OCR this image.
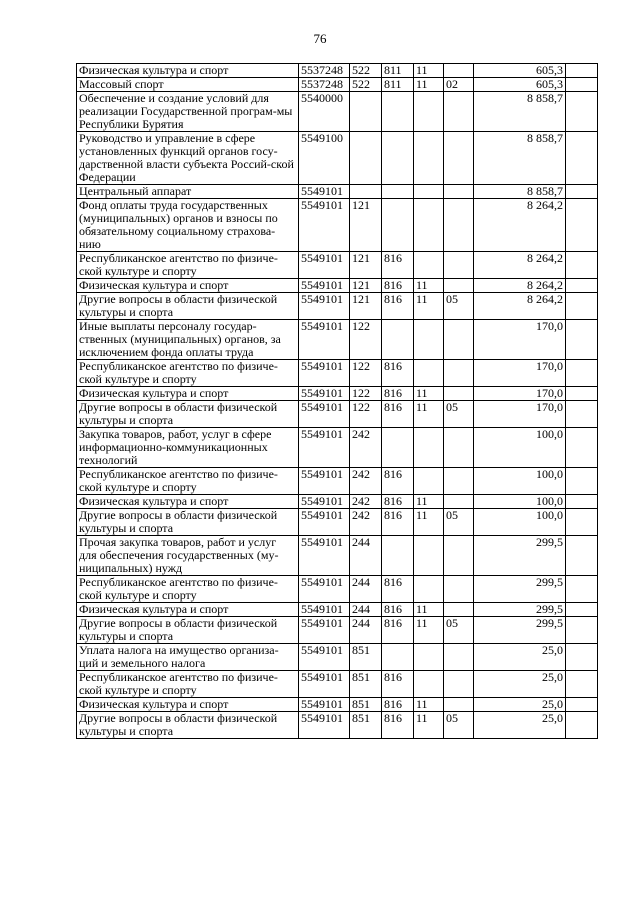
76
Физическая культура и спорт	5537248	522	811	11		605,3	
Массовый спорт	5537248	522	811	11	02	605,3	
Обеспечение и создание условий для реализации Государственной програм-мы Республики Бурятия	5540000					8 858,7	
Руководство и управление в сфере установленных функций органов госу-дарственной власти субъекта Россий-ской Федерации	5549100					8 858,7	
Центральный аппарат	5549101					8 858,7	
Фонд оплаты труда государственных (муниципальных) органов и взносы по обязательному социальному страхова-нию	5549101	121				8 264,2	
Республиканское агентство по физиче-ской культуре и спорту	5549101	121	816			8 264,2	
Физическая культура и спорт	5549101	121	816	11		8 264,2	
Другие вопросы в области физической культуры и спорта	5549101	121	816	11	05	8 264,2	
Иные выплаты персоналу государ-ственных (муниципальных) органов, за исключением фонда оплаты труда	5549101	122				170,0	
Республиканское агентство по физиче-ской культуре и спорту	5549101	122	816			170,0	
Физическая культура и спорт	5549101	122	816	11		170,0	
Другие вопросы в области физической культуры и спорта	5549101	122	816	11	05	170,0	
Закупка товаров, работ, услуг в сфере информационно-коммуникационных технологий	5549101	242				100,0	
Республиканское агентство по физиче-ской культуре и спорту	5549101	242	816			100,0	
Физическая культура и спорт	5549101	242	816	11		100,0	
Другие вопросы в области физической культуры и спорта	5549101	242	816	11	05	100,0	
Прочая закупка товаров, работ и услуг для обеспечения государственных (му-ниципальных) нужд	5549101	244				299,5	
Республиканское агентство по физиче-ской культуре и спорту	5549101	244	816			299,5	
Физическая культура и спорт	5549101	244	816	11		299,5	
Другие вопросы в области физической культуры и спорта	5549101	244	816	11	05	299,5	
Уплата налога на имущество организа-ций и земельного налога	5549101	851				25,0	
Республиканское агентство по физиче-ской культуре и спорту	5549101	851	816			25,0	
Физическая культура и спорт	5549101	851	816	11		25,0	
Другие вопросы в области физической культуры и спорта	5549101	851	816	11	05	25,0	
